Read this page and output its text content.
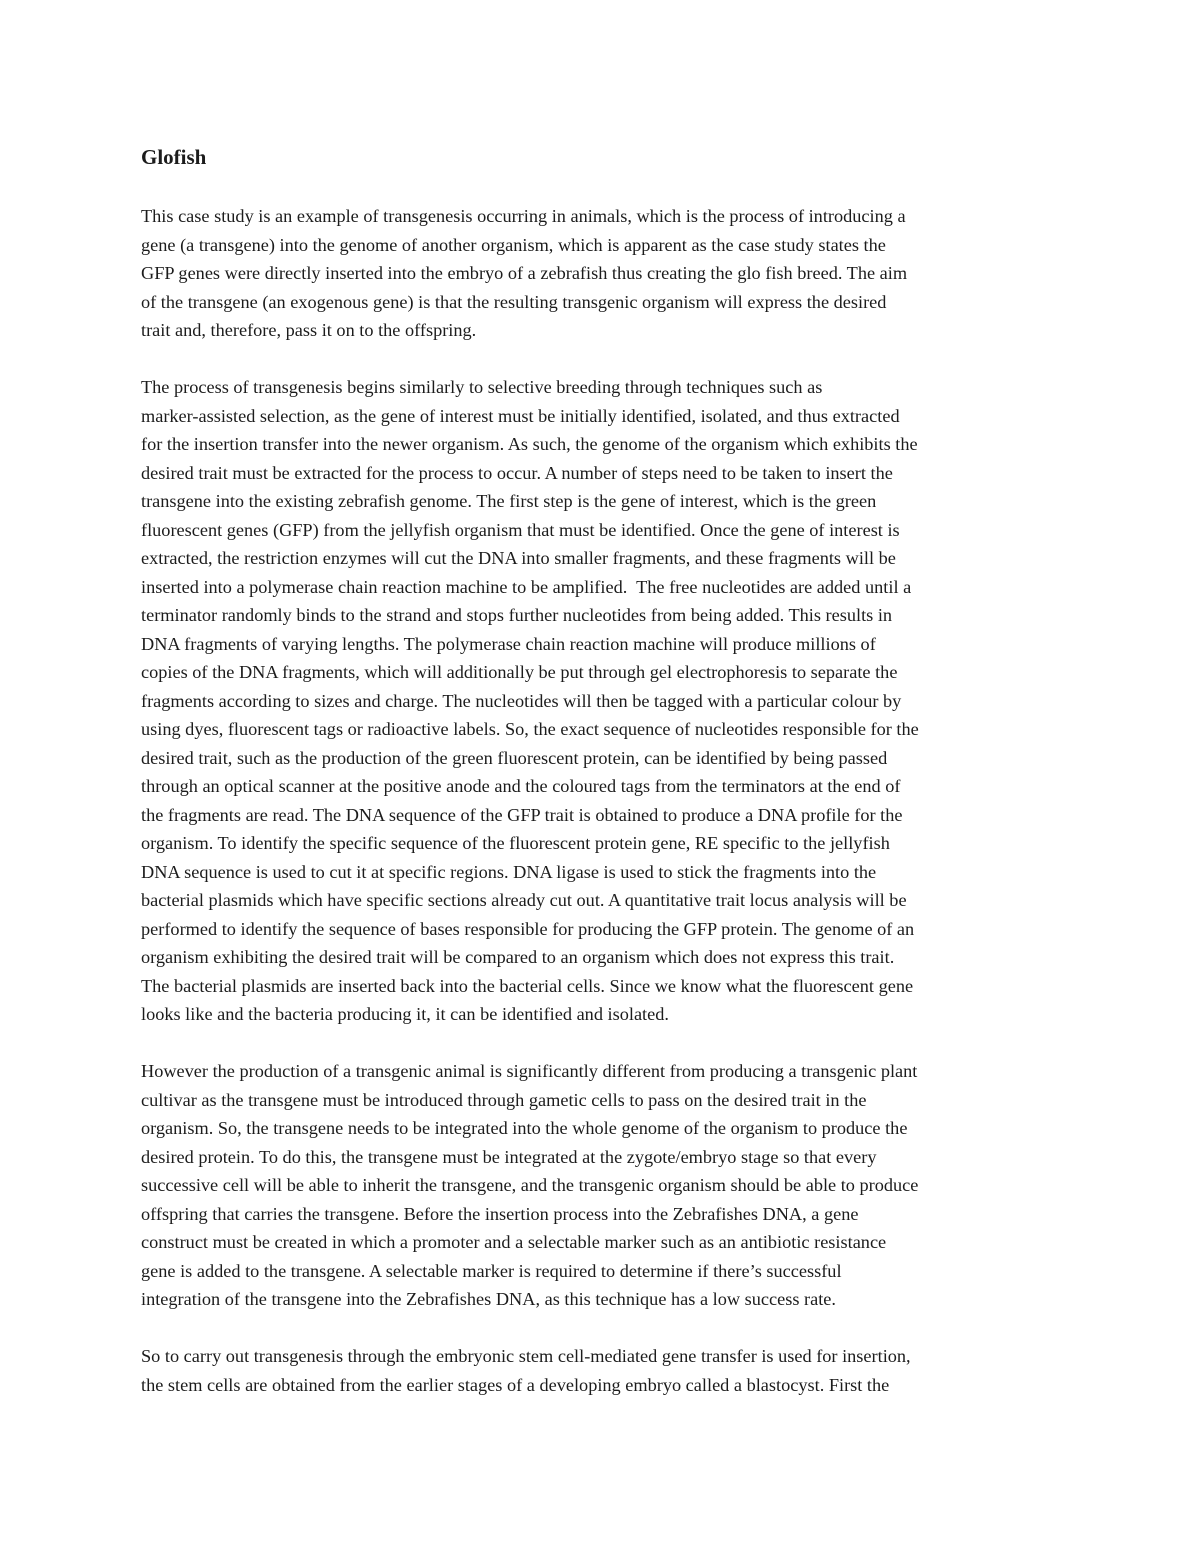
Glofish
This case study is an example of transgenesis occurring in animals, which is the process of introducing a
gene (a transgene) into the genome of another organism, which is apparent as the case study states the
GFP genes were directly inserted into the embryo of a zebrafish thus creating the glo fish breed. The aim
of the transgene (an exogenous gene) is that the resulting transgenic organism will express the desired
trait and, therefore, pass it on to the offspring.
The process of transgenesis begins similarly to selective breeding through techniques such as
marker-assisted selection, as the gene of interest must be initially identified, isolated, and thus extracted
for the insertion transfer into the newer organism. As such, the genome of the organism which exhibits the
desired trait must be extracted for the process to occur. A number of steps need to be taken to insert the
transgene into the existing zebrafish genome. The first step is the gene of interest, which is the green
fluorescent genes (GFP) from the jellyfish organism that must be identified. Once the gene of interest is
extracted, the restriction enzymes will cut the DNA into smaller fragments, and these fragments will be
inserted into a polymerase chain reaction machine to be amplified.  The free nucleotides are added until a
terminator randomly binds to the strand and stops further nucleotides from being added. This results in
DNA fragments of varying lengths. The polymerase chain reaction machine will produce millions of
copies of the DNA fragments, which will additionally be put through gel electrophoresis to separate the
fragments according to sizes and charge. The nucleotides will then be tagged with a particular colour by
using dyes, fluorescent tags or radioactive labels. So, the exact sequence of nucleotides responsible for the
desired trait, such as the production of the green fluorescent protein, can be identified by being passed
through an optical scanner at the positive anode and the coloured tags from the terminators at the end of
the fragments are read. The DNA sequence of the GFP trait is obtained to produce a DNA profile for the
organism. To identify the specific sequence of the fluorescent protein gene, RE specific to the jellyfish
DNA sequence is used to cut it at specific regions. DNA ligase is used to stick the fragments into the
bacterial plasmids which have specific sections already cut out. A quantitative trait locus analysis will be
performed to identify the sequence of bases responsible for producing the GFP protein. The genome of an
organism exhibiting the desired trait will be compared to an organism which does not express this trait.
The bacterial plasmids are inserted back into the bacterial cells. Since we know what the fluorescent gene
looks like and the bacteria producing it, it can be identified and isolated.
However the production of a transgenic animal is significantly different from producing a transgenic plant
cultivar as the transgene must be introduced through gametic cells to pass on the desired trait in the
organism. So, the transgene needs to be integrated into the whole genome of the organism to produce the
desired protein. To do this, the transgene must be integrated at the zygote/embryo stage so that every
successive cell will be able to inherit the transgene, and the transgenic organism should be able to produce
offspring that carries the transgene. Before the insertion process into the Zebrafishes DNA, a gene
construct must be created in which a promoter and a selectable marker such as an antibiotic resistance
gene is added to the transgene. A selectable marker is required to determine if there’s successful
integration of the transgene into the Zebrafishes DNA, as this technique has a low success rate.
So to carry out transgenesis through the embryonic stem cell-mediated gene transfer is used for insertion,
the stem cells are obtained from the earlier stages of a developing embryo called a blastocyst. First the
